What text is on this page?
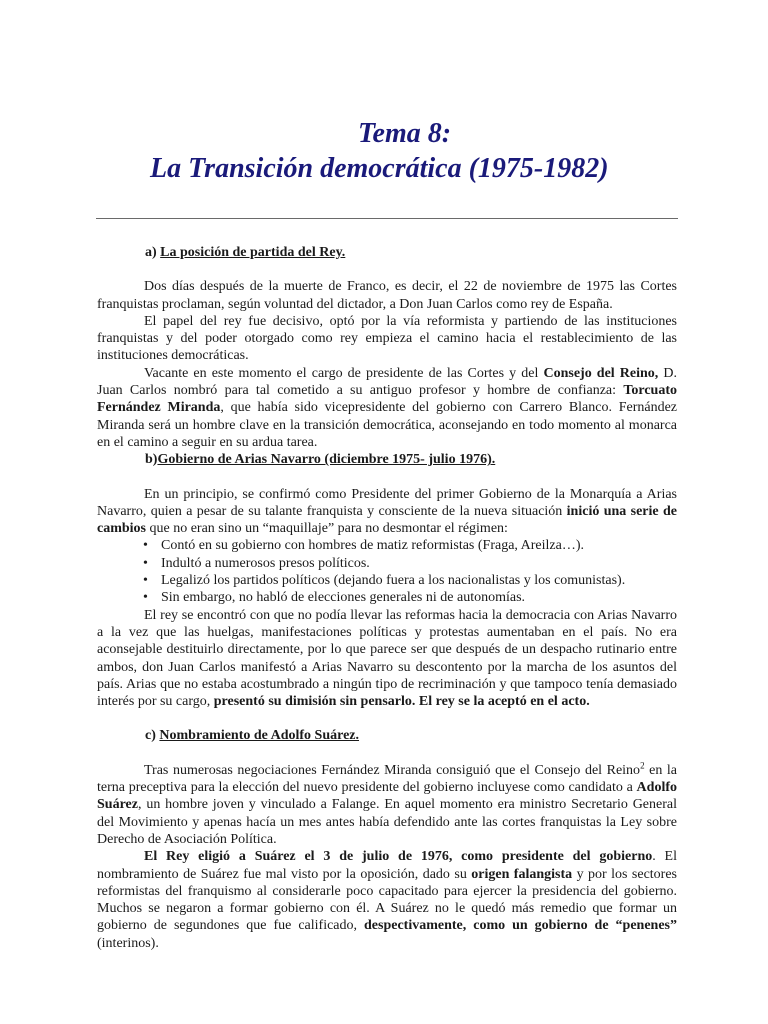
Tema 8:
La Transición democrática (1975-1982)

a) La posición de partida del Rey.

Dos días después de la muerte de Franco, es decir, el 22 de noviembre de 1975 las Cortes franquistas proclaman, según voluntad del dictador, a Don Juan Carlos como rey de España.

El papel del rey fue decisivo, optó por la vía reformista y partiendo de las instituciones franquistas y del poder otorgado como rey empieza el camino hacia el restablecimiento de las instituciones democráticas.

Vacante en este momento el cargo de presidente de las Cortes y del Consejo del Reino, D. Juan Carlos nombró para tal cometido a su antiguo profesor y hombre de confianza: Torcuato Fernández Miranda, que había sido vicepresidente del gobierno con Carrero Blanco. Fernández Miranda será un hombre clave en la transición democrática, aconsejando en todo momento al monarca en el camino a seguir en su ardua tarea.

b)Gobierno de Arias Navarro (diciembre 1975- julio 1976).

En un principio, se confirmó como Presidente del primer Gobierno de la Monarquía a Arias Navarro, quien a pesar de su talante franquista y consciente de la nueva situación inició una serie de cambios que no eran sino un “maquillaje” para no desmontar el régimen:

• Contó en su gobierno con hombres de matiz reformistas (Fraga, Areilza…).
• Indultó a numerosos presos políticos.
• Legalizó los partidos políticos (dejando fuera a los nacionalistas y los comunistas).
• Sin embargo, no habló de elecciones generales ni de autonomías.

El rey se encontró con que no podía llevar las reformas hacia la democracia con Arias Navarro a la vez que las huelgas, manifestaciones políticas y protestas aumentaban en el país. No era aconsejable destituirlo directamente, por lo que parece ser que después de un despacho rutinario entre ambos, don Juan Carlos manifestó a Arias Navarro su descontento por la marcha de los asuntos del país. Arias que no estaba acostumbrado a ningún tipo de recriminación y que tampoco tenía demasiado interés por su cargo, presentó su dimisión sin pensarlo. El rey se la aceptó en el acto.

c) Nombramiento de Adolfo Suárez.

Tras numerosas negociaciones Fernández Miranda consiguió que el Consejo del Reino$^2$ en la terna preceptiva para la elección del nuevo presidente del gobierno incluyese como candidato a Adolfo Suárez, un hombre joven y vinculado a Falange. En aquel momento era ministro Secretario General del Movimiento y apenas hacía un mes antes había defendido ante las cortes franquistas la Ley sobre Derecho de Asociación Política.

El Rey eligió a Suárez el 3 de julio de 1976, como presidente del gobierno. El nombramiento de Suárez fue mal visto por la oposición, dado su origen falangista y por los sectores reformistas del franquismo al considerarle poco capacitado para ejercer la presidencia del gobierno. Muchos se negaron a formar gobierno con él. A Suárez no le quedó más remedio que formar un gobierno de segundones que fue calificado, despectivamente, como un gobierno de “penenes” (interinos).
